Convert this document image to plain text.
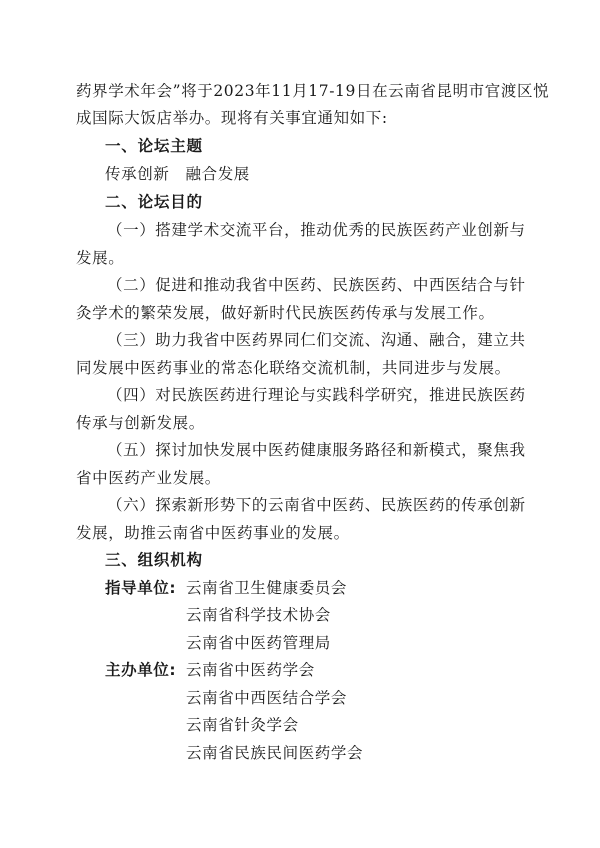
药界学术年会”将于2023年11月17-19日在云南省昆明市官渡区悦
成国际大饭店举办。现将有关事宜通知如下:
一、论坛主题
传承创新　融合发展
二、论坛目的
（一）搭建学术交流平台，推动优秀的民族医药产业创新与
发展。
（二）促进和推动我省中医药、民族医药、中西医结合与针
灸学术的繁荣发展，做好新时代民族医药传承与发展工作。
（三）助力我省中医药界同仁们交流、沟通、融合，建立共
同发展中医药事业的常态化联络交流机制，共同进步与发展。
（四）对民族医药进行理论与实践科学研究，推进民族医药
传承与创新发展。
（五）探讨加快发展中医药健康服务路径和新模式，聚焦我
省中医药产业发展。
（六）探索新形势下的云南省中医药、民族医药的传承创新
发展，助推云南省中医药事业的发展。
三、组织机构
指导单位: 云南省卫生健康委员会
云南省科学技术协会
云南省中医药管理局
主办单位: 云南省中医药学会
云南省中西医结合学会
云南省针灸学会
云南省民族民间医药学会
